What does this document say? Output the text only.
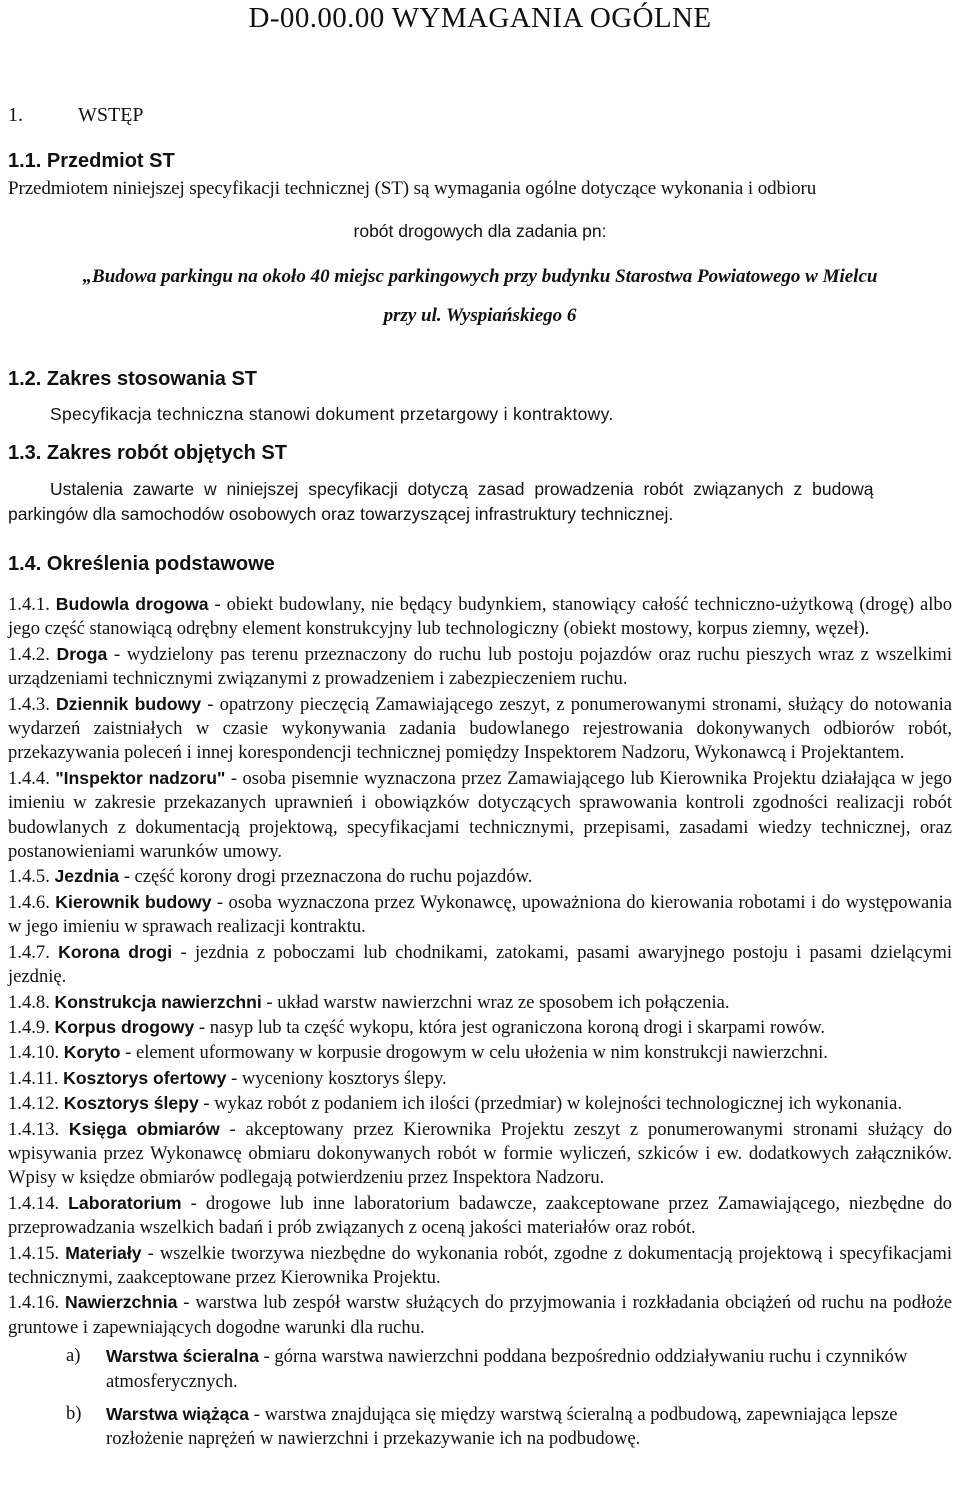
D-00.00.00 WYMAGANIA OGÓLNE
1.	WSTĘP
1.1. Przedmiot ST
Przedmiotem niniejszej specyfikacji technicznej (ST) są wymagania ogólne dotyczące wykonania i odbioru
robót drogowych dla zadania pn:
„Budowa parkingu na około 40 miejsc parkingowych przy budynku Starostwa Powiatowego w Mielcu
przy ul. Wyspiańskiego 6
1.2. Zakres stosowania ST
Specyfikacja techniczna stanowi dokument przetargowy i kontraktowy.
1.3. Zakres robót objętych ST
Ustalenia zawarte w niniejszej specyfikacji dotyczą zasad prowadzenia robót związanych z budową
parkingów dla samochodów osobowych oraz towarzyszącej infrastruktury technicznej.
1.4. Określenia podstawowe

1.4.1. Budowla drogowa - obiekt budowlany, nie będący budynkiem, stanowiący całość techniczno-użytkową (drogę) albo jego część stanowiącą odrębny element konstrukcyjny lub technologiczny (obiekt mostowy, korpus ziemny, węzeł).

1.4.2. Droga - wydzielony pas terenu przeznaczony do ruchu lub postoju pojazdów oraz ruchu pieszych wraz z wszelkimi urządzeniami technicznymi związanymi z prowadzeniem i zabezpieczeniem ruchu.

1.4.3. Dziennik budowy - opatrzony pieczęcią Zamawiającego zeszyt, z ponumerowanymi stronami, służący do notowania wydarzeń zaistniałych w czasie wykonywania zadania budowlanego rejestrowania dokonywanych odbiorów robót, przekazywania poleceń i innej korespondencji technicznej pomiędzy Inspektorem Nadzoru, Wykonawcą i Projektantem.

1.4.4. "Inspektor nadzoru" - osoba pisemnie wyznaczona przez Zamawiającego lub Kierownika Projektu działająca w jego imieniu w zakresie przekazanych uprawnień i obowiązków dotyczących sprawowania kontroli zgodności realizacji robót budowlanych z dokumentacją projektową, specyfikacjami technicznymi, przepisami, zasadami wiedzy technicznej, oraz postanowieniami warunków umowy.

1.4.5. Jezdnia - część korony drogi przeznaczona do ruchu pojazdów.

1.4.6. Kierownik budowy - osoba wyznaczona przez Wykonawcę, upoważniona do kierowania robotami i do występowania w jego imieniu w sprawach realizacji kontraktu.

1.4.7. Korona drogi - jezdnia z poboczami lub chodnikami, zatokami, pasami awaryjnego postoju i pasami dzielącymi jezdnię.

1.4.8. Konstrukcja nawierzchni - układ warstw nawierzchni wraz ze sposobem ich połączenia.

1.4.9. Korpus drogowy - nasyp lub ta część wykopu, która jest ograniczona koroną drogi i skarpami rowów.

1.4.10. Koryto - element uformowany w korpusie drogowym w celu ułożenia w nim konstrukcji nawierzchni.

1.4.11. Kosztorys ofertowy - wyceniony kosztorys ślepy.

1.4.12. Kosztorys ślepy - wykaz robót z podaniem ich ilości (przedmiar) w kolejności technologicznej ich wykonania.

1.4.13. Księga obmiarów - akceptowany przez Kierownika Projektu zeszyt z ponumerowanymi stronami służący do wpisywania przez Wykonawcę obmiaru dokonywanych robót w formie wyliczeń, szkiców i ew. dodatkowych załączników. Wpisy w księdze obmiarów podlegają potwierdzeniu przez Inspektora Nadzoru.

1.4.14. Laboratorium - drogowe lub inne laboratorium badawcze, zaakceptowane przez Zamawiającego, niezbędne do przeprowadzania wszelkich badań i prób związanych z oceną jakości materiałów oraz robót.

1.4.15. Materiały - wszelkie tworzywa niezbędne do wykonania robót, zgodne z dokumentacją projektową i specyfikacjami technicznymi, zaakceptowane przez Kierownika Projektu.

1.4.16. Nawierzchnia - warstwa lub zespół warstw służących do przyjmowania i rozkładania obciążeń od ruchu na podłoże gruntowe i zapewniających dogodne warunki dla ruchu.

a) Warstwa ścieralna - górna warstwa nawierzchni poddana bezpośrednio oddziaływaniu ruchu i czynników atmosferycznych.

b) Warstwa wiążąca - warstwa znajdująca się między warstwą ścieralną a podbudową, zapewniająca lepsze rozłożenie naprężeń w nawierzchni i przekazywanie ich na podbudowę.
